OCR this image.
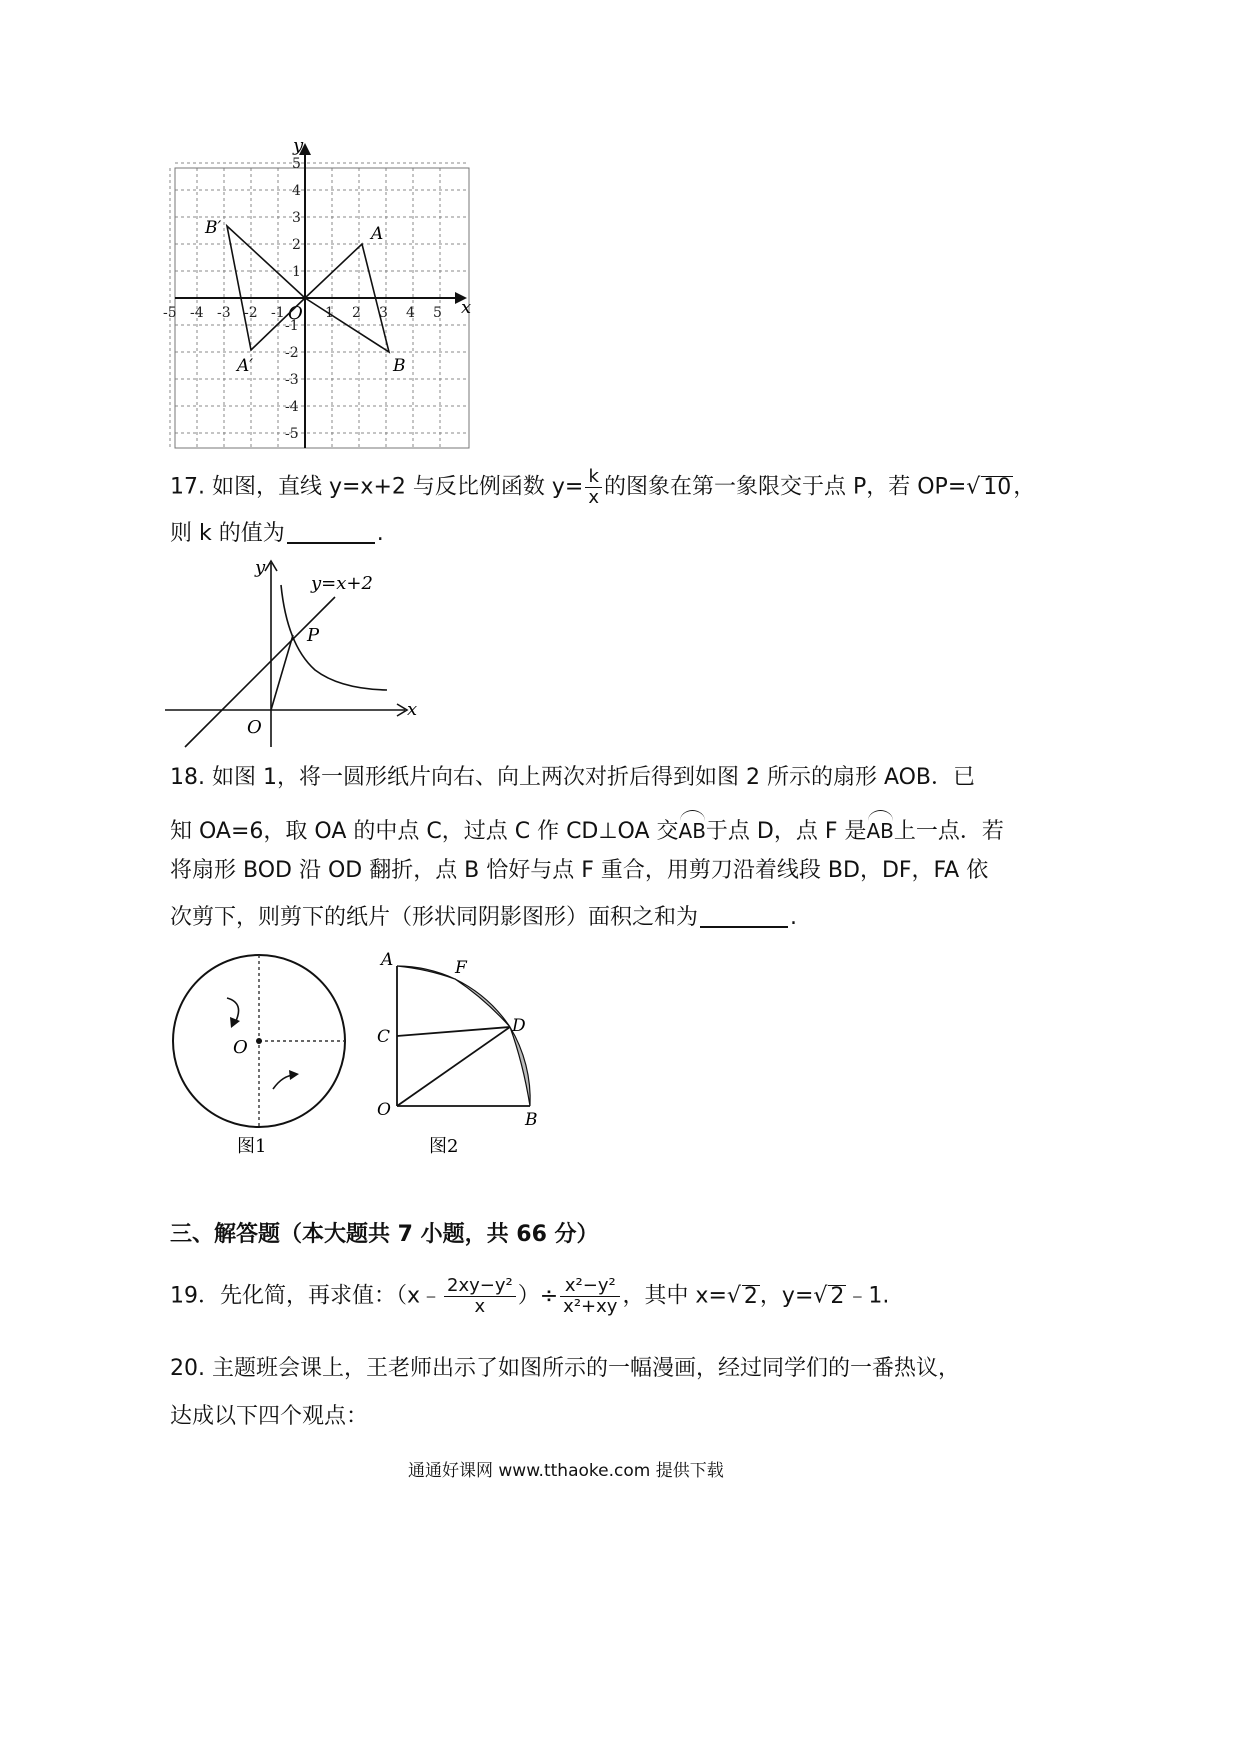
-5 -4 -3 -2 -1	1 2 3 4 5
5
4
3
2
1
-1
-2
-3
-4
-5
y
x
O
A
B
A′
B′
17. 如图，直线 y=x+2 与反比例函数 $y= \frac{k}{x}$ 的图象在第一象限交于点 P，若 OP=√ 10，
则 k 的值为	.
y=x+2
y
x
O
P
18. 如图 1，将一圆形纸片向右、向上两次对折后得到如图 2 所示的扇形 AOB．已
知 OA=6，取 OA 的中点 C，过点 C 作 CD⊥OA 交AB于点 D，点 F 是AB上一点．若
将扇形 BOD 沿 OD 翻折，点 B 恰好与点 F 重合，用剪刀沿着线段 BD，DF，FA 依
次剪下，则剪下的纸片（形状同阴影图形）面积之和为	.
O
图1
A	F
C
D
O	B
图2
三、解答题（本大题共 7 小题，共 66 分）
19．先化简，再求值：（x﹣ $\frac{\text{2xy−y²}}{x}$ ）÷ $\frac{\text{x²−y²}}{\text{x²+xy}}$ ，其中 x=√ 2，y=√ 2﹣1.
20. 主题班会课上，王老师出示了如图所示的一幅漫画，经过同学们的一番热议，
达成以下四个观点：
通通好课网 www.tthaoke.com 提供下载
